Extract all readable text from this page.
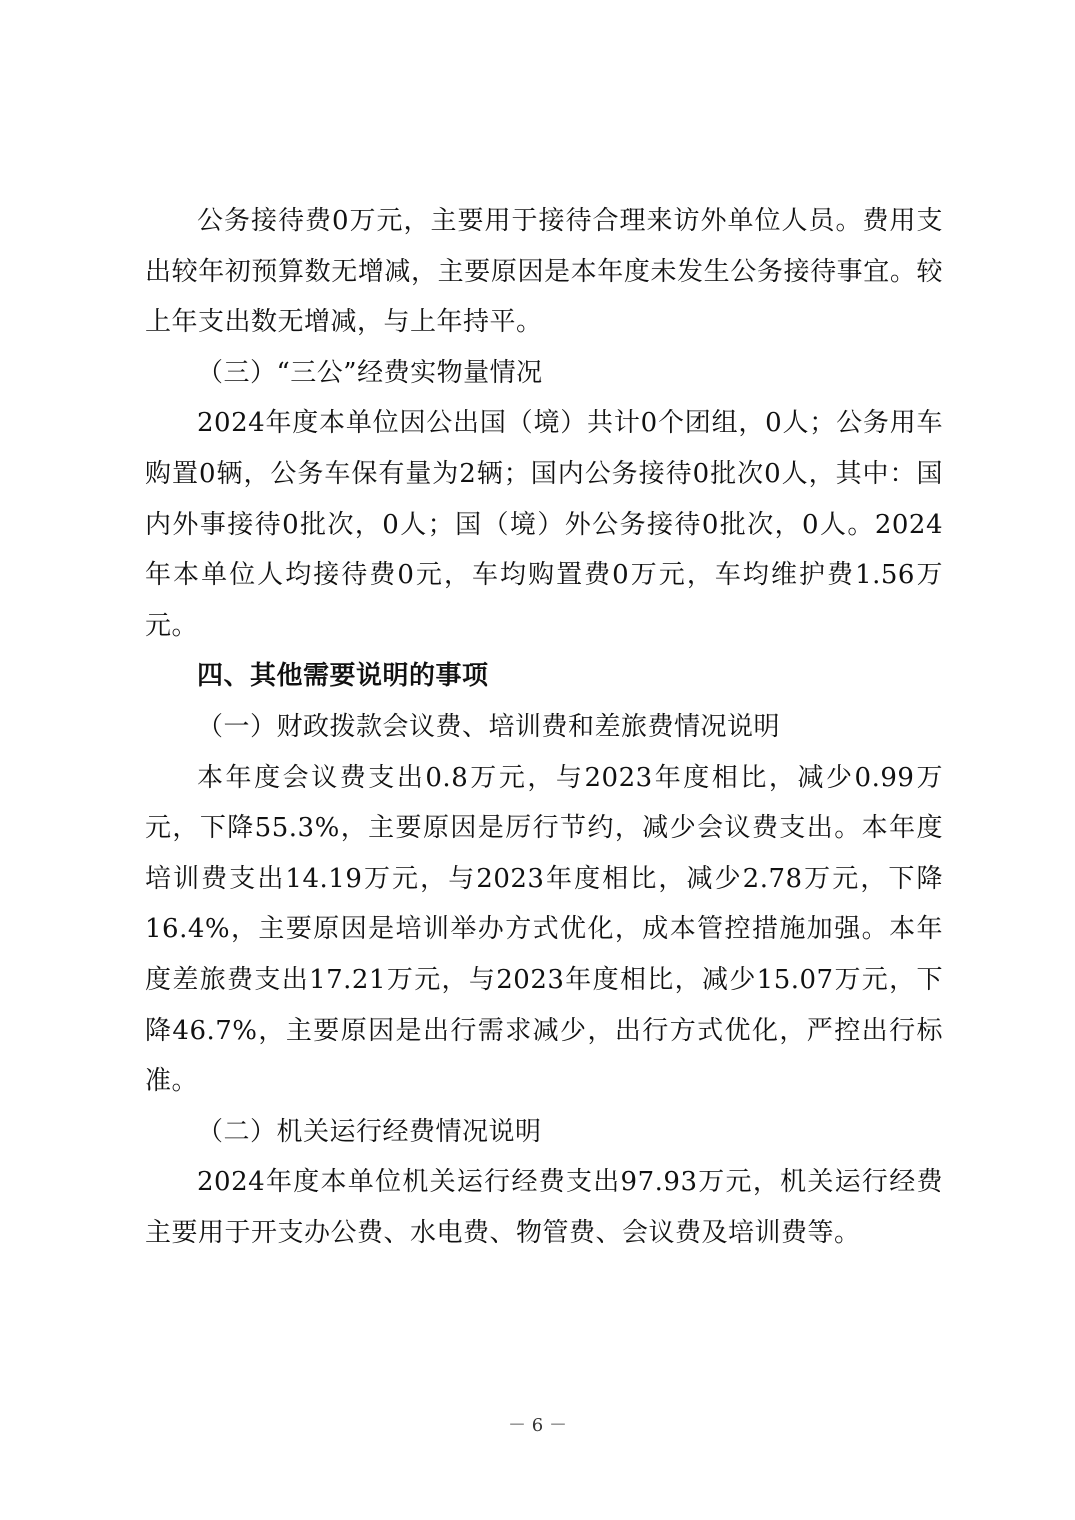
公务接待费0万元，主要用于接待合理来访外单位人员。费用支出较年初预算数无增减，主要原因是本年度未发生公务接待事宜。较上年支出数无增减，与上年持平。

（三）“三公”经费实物量情况

2024年度本单位因公出国（境）共计0个团组，0人；公务用车购置0辆，公务车保有量为2辆；国内公务接待0批次0人，其中：国内外事接待0批次，0人；国（境）外公务接待0批次，0人。2024年本单位人均接待费0元，车均购置费0万元，车均维护费1.56万元。

四、其他需要说明的事项

（一）财政拨款会议费、培训费和差旅费情况说明

本年度会议费支出0.8万元，与2023年度相比，减少0.99万元，下降55.3%，主要原因是厉行节约，减少会议费支出。本年度培训费支出14.19万元，与2023年度相比，减少2.78万元，下降16.4%，主要原因是培训举办方式优化，成本管控措施加强。本年度差旅费支出17.21万元，与2023年度相比，减少15.07万元，下降46.7%，主要原因是出行需求减少，出行方式优化，严控出行标准。

（二）机关运行经费情况说明

2024年度本单位机关运行经费支出97.93万元，机关运行经费主要用于开支办公费、水电费、物管费、会议费及培训费等。

－ 6 －
